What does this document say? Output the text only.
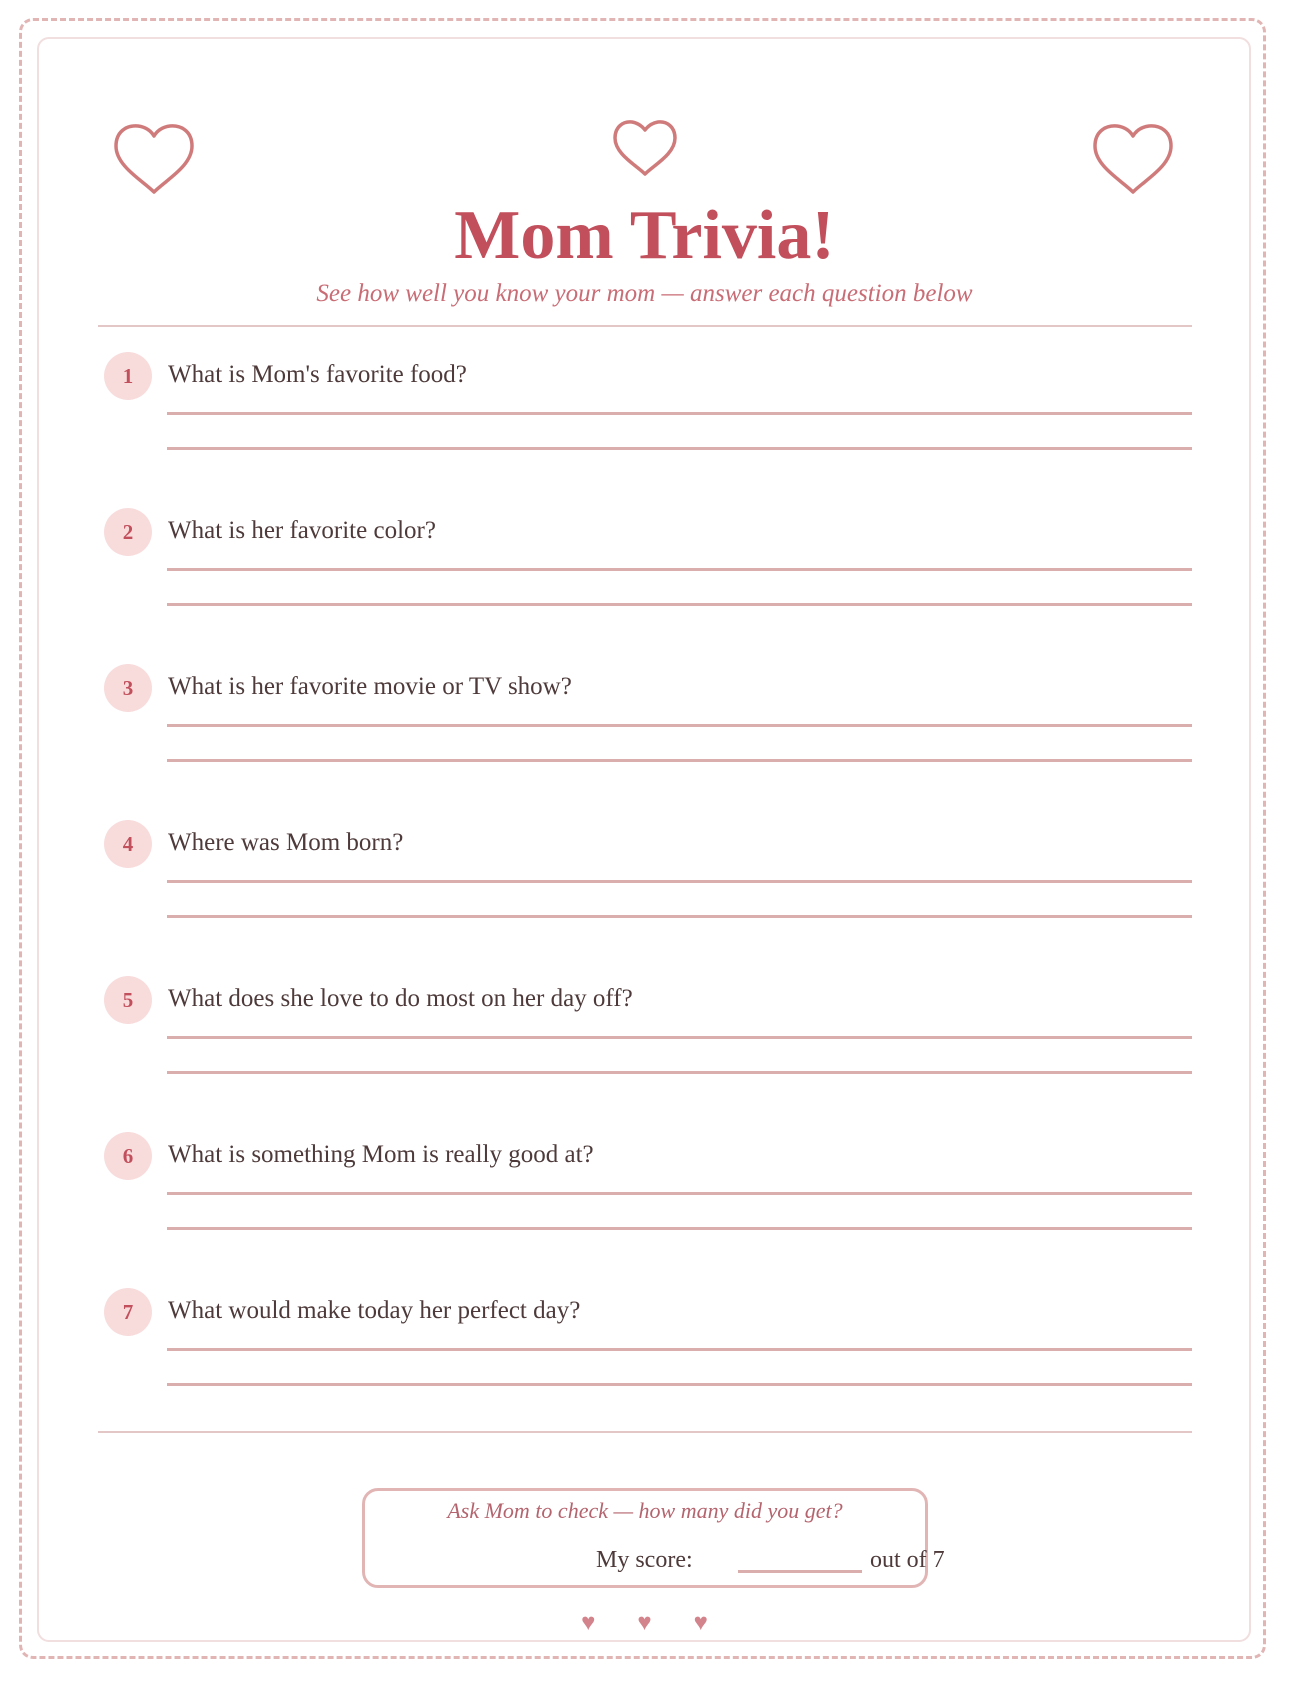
Mom Trivia!
See how well you know your mom — answer each question below
1	What is Mom's favorite food?
2	What is her favorite color?
3	What is her favorite movie or TV show?
4	Where was Mom born?
5	What does she love to do most on her day off?
6	What is something Mom is really good at?
7	What would make today her perfect day?
Ask Mom to check — how many did you get?
My score:	out of 7
♥ ♥ ♥
